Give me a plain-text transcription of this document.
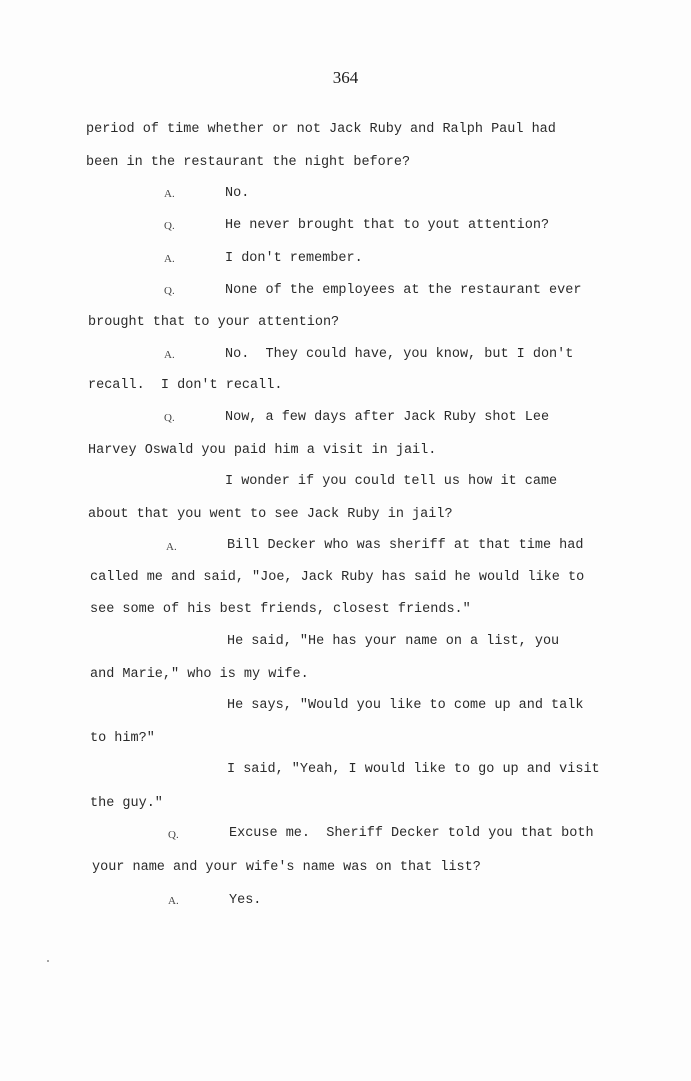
364
period of time whether or not Jack Ruby and Ralph Paul had
been in the restaurant the night before?
A.	No.
Q.	He never brought that to yout attention?
A.	I don't remember.
Q.	None of the employees at the restaurant ever
brought that to your attention?
A.	No.  They could have, you know, but I don't
recall.  I don't recall.
Q.	Now, a few days after Jack Ruby shot Lee
Harvey Oswald you paid him a visit in jail.
I wonder if you could tell us how it came
about that you went to see Jack Ruby in jail?
A.	Bill Decker who was sheriff at that time had
called me and said, "Joe, Jack Ruby has said he would like to
see some of his best friends, closest friends."
He said, "He has your name on a list, you
and Marie," who is my wife.
He says, "Would you like to come up and talk
to him?"
I said, "Yeah, I would like to go up and visit
the guy."
Q.	Excuse me.  Sheriff Decker told you that both
your name and your wife's name was on that list?
A.	Yes.
